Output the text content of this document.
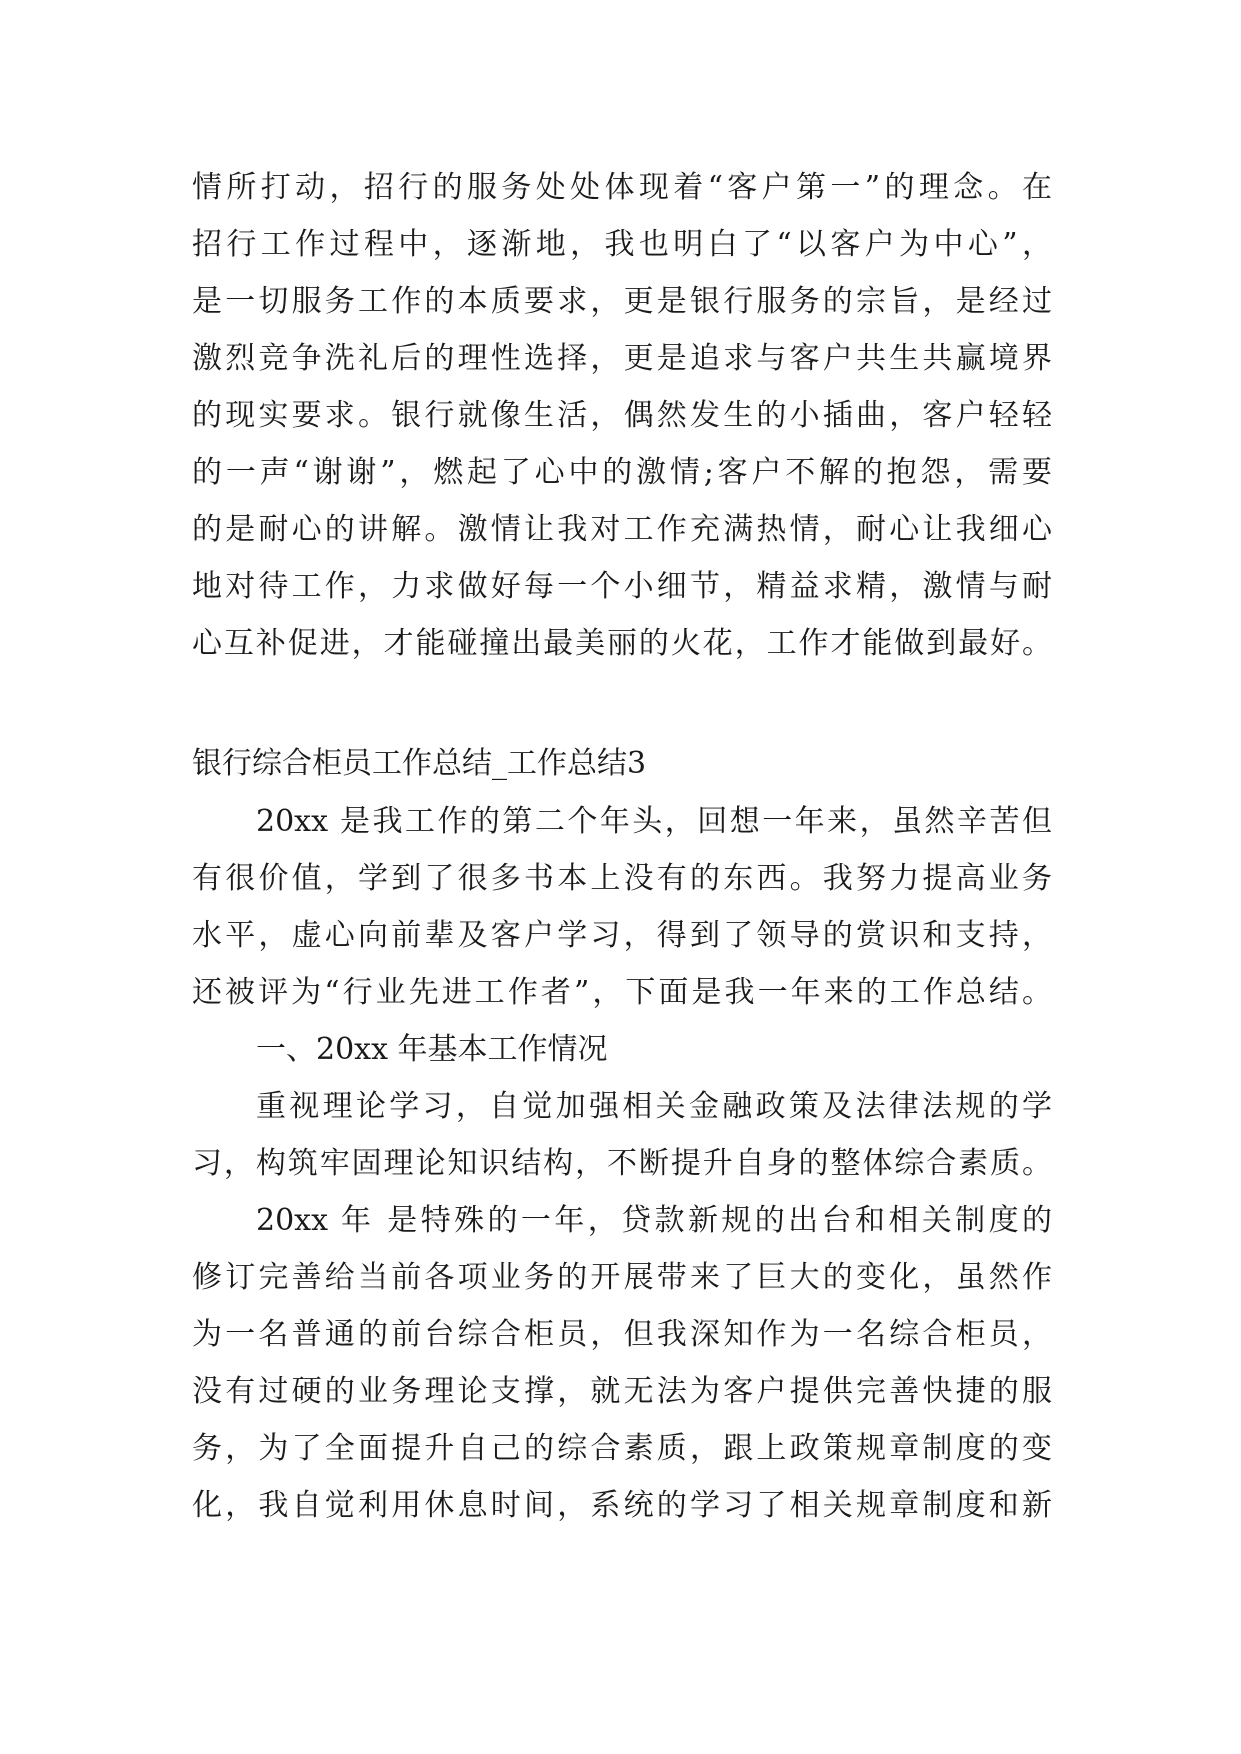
情所打动，招行的服务处处体现着“客户第一”的理念。在
招行工作过程中，逐渐地，我也明白了“以客户为中心”，
是一切服务工作的本质要求，更是银行服务的宗旨，是经过
激烈竞争洗礼后的理性选择，更是追求与客户共生共赢境界
的现实要求。银行就像生活，偶然发生的小插曲，客户轻轻
的一声“谢谢”，燃起了心中的激情;客户不解的抱怨，需要
的是耐心的讲解。激情让我对工作充满热情，耐心让我细心
地对待工作，力求做好每一个小细节，精益求精，激情与耐
心互补促进，才能碰撞出最美丽的火花，工作才能做到最好。
银行综合柜员工作总结_工作总结3
20xx 是我工作的第二个年头，回想一年来，虽然辛苦但
有很价值，学到了很多书本上没有的东西。我努力提高业务
水平，虚心向前辈及客户学习，得到了领导的赏识和支持，
还被评为“行业先进工作者”，下面是我一年来的工作总结。
一、20xx 年基本工作情况
重视理论学习，自觉加强相关金融政策及法律法规的学
习，构筑牢固理论知识结构，不断提升自身的整体综合素质。
20xx 年 是特殊的一年，贷款新规的出台和相关制度的
修订完善给当前各项业务的开展带来了巨大的变化，虽然作
为一名普通的前台综合柜员，但我深知作为一名综合柜员，
没有过硬的业务理论支撑，就无法为客户提供完善快捷的服
务，为了全面提升自己的综合素质，跟上政策规章制度的变
化，我自觉利用休息时间，系统的学习了相关规章制度和新
